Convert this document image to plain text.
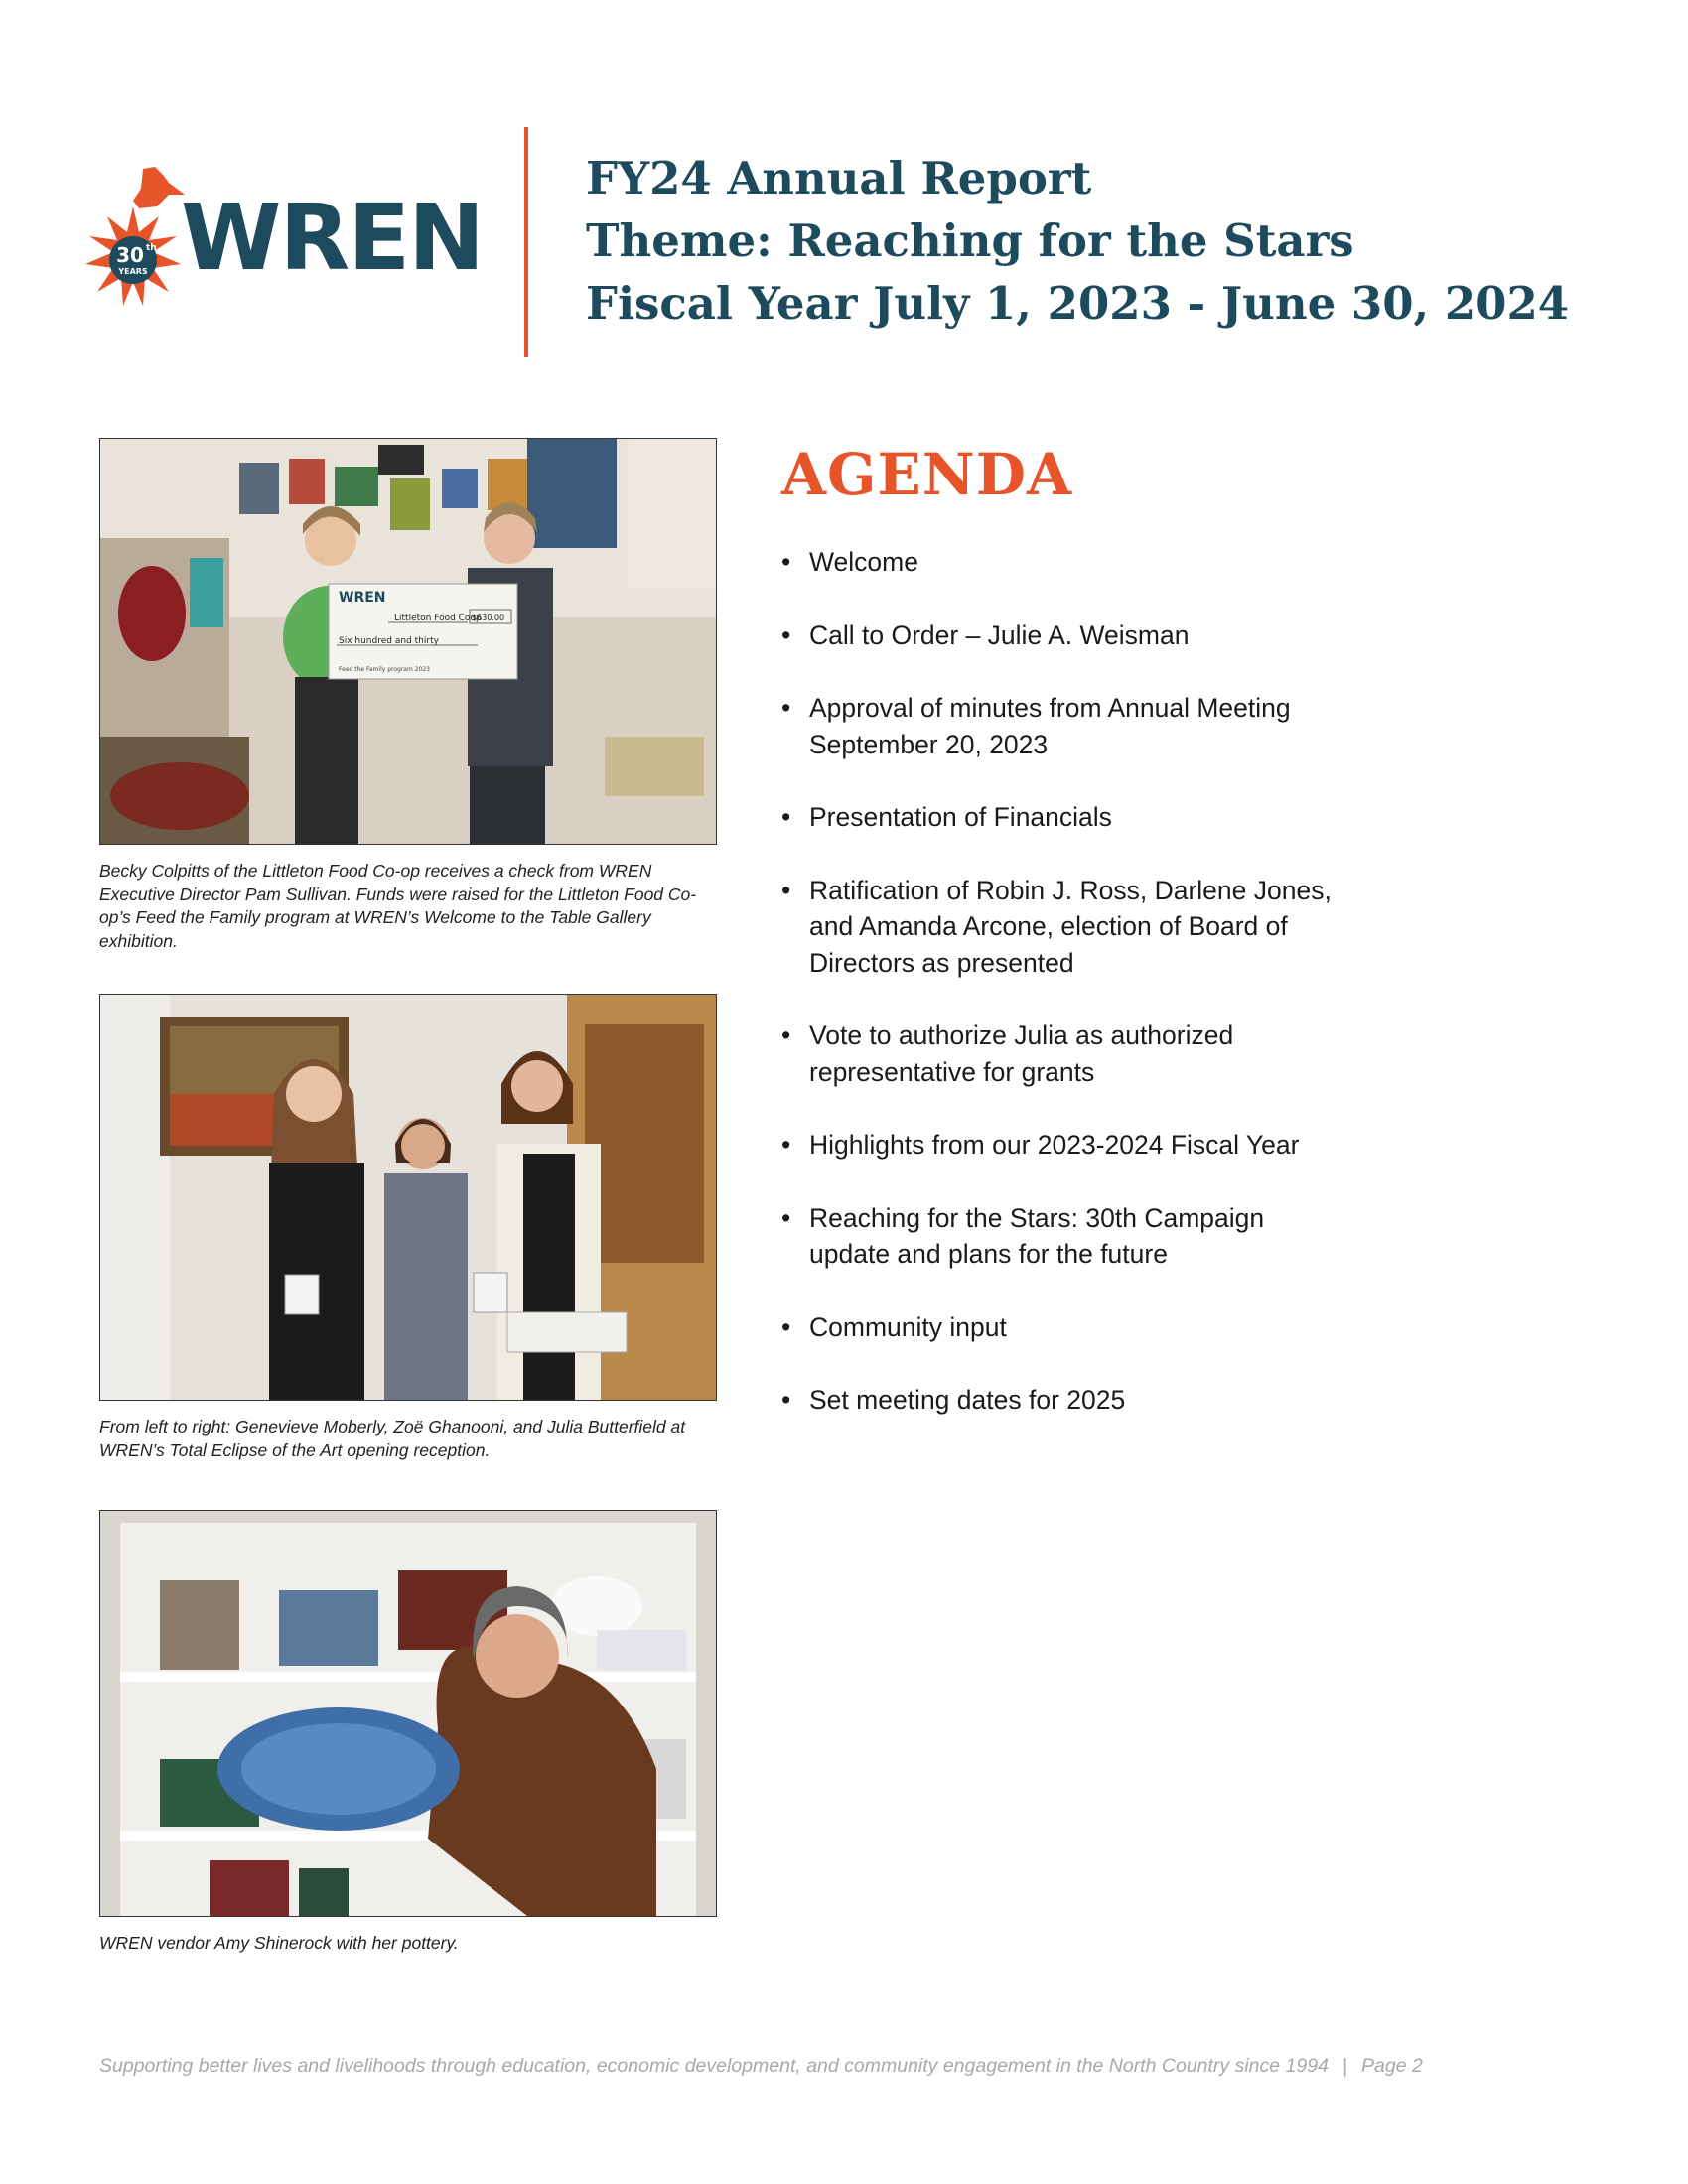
30 th
YEARS WREN
FY24 Annual Report
Theme: Reaching for the Stars
Fiscal Year July 1, 2023 - June 30, 2024
WREN
Littleton Food Coop
$630.00
Six hundred and thirty
Feed the Family program 2023
Becky Colpitts of the Littleton Food Co-op receives a check from WREN Executive Director Pam Sullivan. Funds were raised for the Littleton Food Co-op’s Feed the Family program at WREN’s Welcome to the Table Gallery exhibition.
From left to right: Genevieve Moberly, Zoë Ghanooni, and Julia Butterfield at WREN’s Total Eclipse of the Art opening reception.
WREN vendor Amy Shinerock with her pottery.
AGENDA
• Welcome
• Call to Order – Julie A. Weisman
• Approval of minutes from Annual Meeting
September 20, 2023
• Presentation of Financials
• Ratification of Robin J. Ross, Darlene Jones,
and Amanda Arcone, election of Board of
Directors as presented
• Vote to authorize Julia as authorized
representative for grants
• Highlights from our 2023-2024 Fiscal Year
• Reaching for the Stars: 30th Campaign
update and plans for the future
• Community input
• Set meeting dates for 2025
Supporting better lives and livelihoods through education, economic development, and community engagement in the North Country since 1994 | Page 2
